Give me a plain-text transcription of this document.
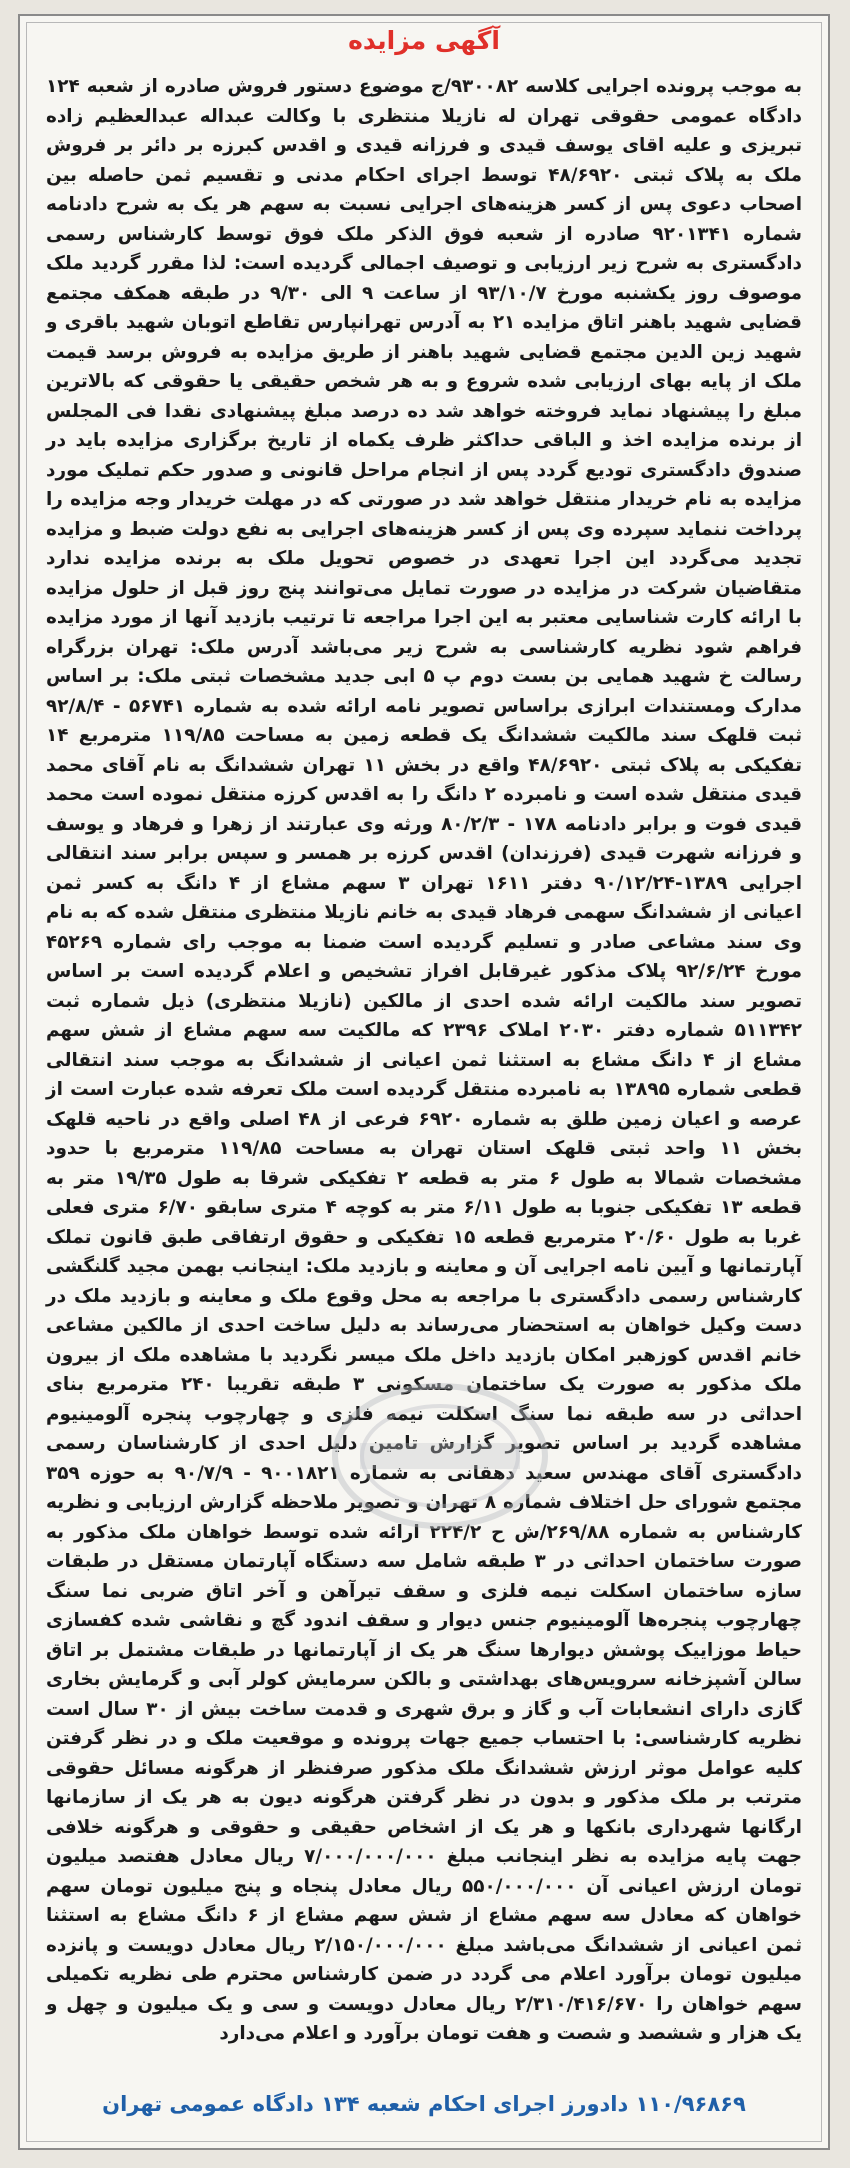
آگهی مزایده
به موجب پرونده اجرایی کلاسه ۹۳۰۰۸۲/ج موضوع دستور فروش صادره از شعبه ۱۲۴ دادگاه عمومی حقوقی تهران له نازیلا منتظری با وکالت عبداله عبدالعظیم زاده تبریزی و علیه اقای یوسف قیدی و فرزانه قیدی و اقدس کبرزه بر دائر بر فروش ملک به پلاک ثبتی ۴۸/۶۹۲۰ توسط اجرای احکام مدنی و تقسیم ثمن حاصله بین اصحاب دعوی پس از کسر هزینه‌های اجرایی نسبت به سهم هر یک به شرح دادنامه شماره ۹۲۰۱۳۴۱ صادره از شعبه فوق الذکر ملک فوق توسط کارشناس رسمی دادگستری به شرح زیر ارزیابی و توصیف اجمالی گردیده است: لذا مقرر گردید ملک موصوف روز یکشنبه مورخ ۹۳/۱۰/۷ از ساعت ۹ الی ۹/۳۰ در طبقه همکف مجتمع قضایی شهید باهنر اتاق مزایده ۲۱ به آدرس تهرانپارس تقاطع اتوبان شهید باقری و شهید زین الدین مجتمع قضایی شهید باهنر از طریق مزایده به فروش برسد قیمت ملک از پایه بهای ارزیابی شده شروع و به هر شخص حقیقی یا حقوقی که بالاترین مبلغ را پیشنهاد نماید فروخته خواهد شد ده درصد مبلغ پیشنهادی نقدا فی المجلس از برنده مزایده اخذ و الباقی حداکثر ظرف یکماه از تاریخ برگزاری مزایده باید در صندوق دادگستری تودیع گردد پس از انجام مراحل قانونی و صدور حکم تملیک مورد مزایده به نام خریدار منتقل خواهد شد در صورتی که در مهلت خریدار وجه مزایده را پرداخت ننماید سپرده وی پس از کسر هزینه‌های اجرایی به نفع دولت ضبط و مزایده تجدید می‌گردد این اجرا تعهدی در خصوص تحویل ملک به برنده مزایده ندارد متقاضیان شرکت در مزایده در صورت تمایل می‌توانند پنج روز قبل از حلول مزایده با ارائه کارت شناسایی معتبر به این اجرا مراجعه تا ترتیب بازدید آنها از مورد مزایده فراهم شود نظریه کارشناسی به شرح زیر می‌باشد آدرس ملک: تهران بزرگراه رسالت خ شهید همایی بن بست دوم پ ۵ ابی جدید مشخصات ثبتی ملک: بر اساس مدارک ومستندات ابرازی براساس تصویر نامه ارائه شده به شماره ۵۶۷۴۱ - ۹۲/۸/۴ ثبت قلهک سند مالکیت ششدانگ یک قطعه زمین به مساحت ۱۱۹/۸۵ مترمربع ۱۴ تفکیکی به پلاک ثبتی ۴۸/۶۹۲۰ واقع در بخش ۱۱ تهران ششدانگ به نام آقای محمد قیدی منتقل شده است و نامبرده ۲ دانگ را به اقدس کرزه منتقل نموده است محمد قیدی فوت و برابر دادنامه ۱۷۸ - ۸۰/۲/۳ ورثه وی عبارتند از زهرا و فرهاد و یوسف و فرزانه شهرت قیدی (فرزندان) اقدس کرزه بر همسر و سپس برابر سند انتقالی اجرایی ۱۳۸۹-۹۰/۱۲/۲۴ دفتر ۱۶۱۱ تهران ۳ سهم مشاع از ۴ دانگ به کسر ثمن اعیانی از ششدانگ سهمی فرهاد قیدی به خانم نازیلا منتظری منتقل شده که به نام وی سند مشاعی صادر و تسلیم گردیده است ضمنا به موجب رای شماره ۴۵۲۶۹ مورخ ۹۲/۶/۲۴ پلاک مذکور غیرقابل افراز تشخیص و اعلام گردیده است بر اساس تصویر سند مالکیت ارائه شده احدی از مالکین (نازیلا منتظری) ذیل شماره ثبت ۵۱۱۳۴۲ شماره دفتر ۲۰۳۰ املاک ۲۳۹۶ که مالکیت سه سهم مشاع از شش سهم مشاع از ۴ دانگ مشاع به استثنا ثمن اعیانی از ششدانگ به موجب سند انتقالی قطعی شماره ۱۳۸۹۵ به نامبرده منتقل گردیده است ملک تعرفه شده عبارت است از عرصه و اعیان زمین طلق به شماره ۶۹۲۰ فرعی از ۴۸ اصلی واقع در ناحیه قلهک بخش ۱۱ واحد ثبتی قلهک استان تهران به مساحت ۱۱۹/۸۵ مترمربع با حدود مشخصات شمالا به طول ۶ متر به قطعه ۲ تفکیکی شرقا به طول ۱۹/۳۵ متر به قطعه ۱۳ تفکیکی جنوبا به طول ۶/۱۱ متر به کوچه ۴ متری سابقو ۶/۷۰ متری فعلی غربا به طول ۲۰/۶۰ مترمربع قطعه ۱۵ تفکیکی و حقوق ارتفاقی طبق قانون تملک آپارتمانها و آیین نامه اجرایی آن و معاینه و بازدید ملک: اینجانب بهمن مجید گلنگشی کارشناس رسمی دادگستری با مراجعه به محل وقوع ملک و معاینه و بازدید ملک در دست وکیل خواهان به استحضار می‌رساند به دلیل ساخت احدی از مالکین مشاعی خانم اقدس کوزهبر امکان بازدید داخل ملک میسر نگردید با مشاهده ملک از بیرون ملک مذکور به صورت یک ساختمان مسکونی ۳ طبقه تقریبا ۲۴۰ مترمربع بنای احداثی در سه طبقه نما سنگ اسکلت نیمه فلزی و چهارچوب پنجره آلومینیوم مشاهده گردید بر اساس تصویر گزارش تامین دلیل احدی از کارشناسان رسمی دادگستری آقای مهندس سعید دهقانی به شماره ۹۰۰۱۸۲۱ - ۹۰/۷/۹ به حوزه ۳۵۹ مجتمع شورای حل اختلاف شماره ۸ تهران و تصویر ملاحظه گزارش ارزیابی و نظریه کارشناس به شماره ۲۶۹/۸۸/ش ح ۲۲۴/۲ ارائه شده توسط خواهان ملک مذکور به صورت ساختمان احداثی در ۳ طبقه شامل سه دستگاه آپارتمان مستقل در طبقات سازه ساختمان اسکلت نیمه فلزی و سقف تیرآهن و آخر اتاق ضربی نما سنگ چهارچوب پنجره‌ها آلومینیوم جنس دیوار و سقف اندود گچ و نقاشی شده کفسازی حیاط موزاییک پوشش دیوارها سنگ هر یک از آپارتمانها در طبقات مشتمل بر اتاق سالن آشپزخانه سرویس‌های بهداشتی و بالکن سرمایش کولر آبی و گرمایش بخاری گازی دارای انشعابات آب و گاز و برق شهری و قدمت ساخت بیش از ۳۰ سال است نظریه کارشناسی: با احتساب جمیع جهات پرونده و موقعیت ملک و در نظر گرفتن کلیه عوامل موثر ارزش ششدانگ ملک مذکور صرفنظر از هرگونه مسائل حقوقی مترتب بر ملک مذکور و بدون در نظر گرفتن هرگونه دیون به هر یک از سازمانها ارگانها شهرداری بانکها و هر یک از اشخاص حقیقی و حقوقی و هرگونه خلافی جهت پایه مزایده به نظر اینجانب مبلغ ۷/۰۰۰/۰۰۰/۰۰۰ ریال معادل هفتصد میلیون تومان ارزش اعیانی آن ۵۵۰/۰۰۰/۰۰۰ ریال معادل پنجاه و پنج میلیون تومان سهم خواهان که معادل سه سهم مشاع از شش سهم مشاع از ۶ دانگ مشاع به استثنا ثمن اعیانی از ششدانگ می‌باشد مبلغ ۲/۱۵۰/۰۰۰/۰۰۰ ریال معادل دویست و پانزده میلیون تومان برآورد اعلام می گردد در ضمن کارشناس محترم طی نظریه تکمیلی سهم خواهان را ۲/۳۱۰/۴۱۶/۶۷۰ ریال معادل دویست و سی و یک میلیون و چهل و یک هزار و ششصد و شصت و هفت تومان برآورد و اعلام می‌دارد
۱۱۰/۹۶۸۶۹ دادورز اجرای احکام شعبه ۱۳۴ دادگاه عمومی تهران
